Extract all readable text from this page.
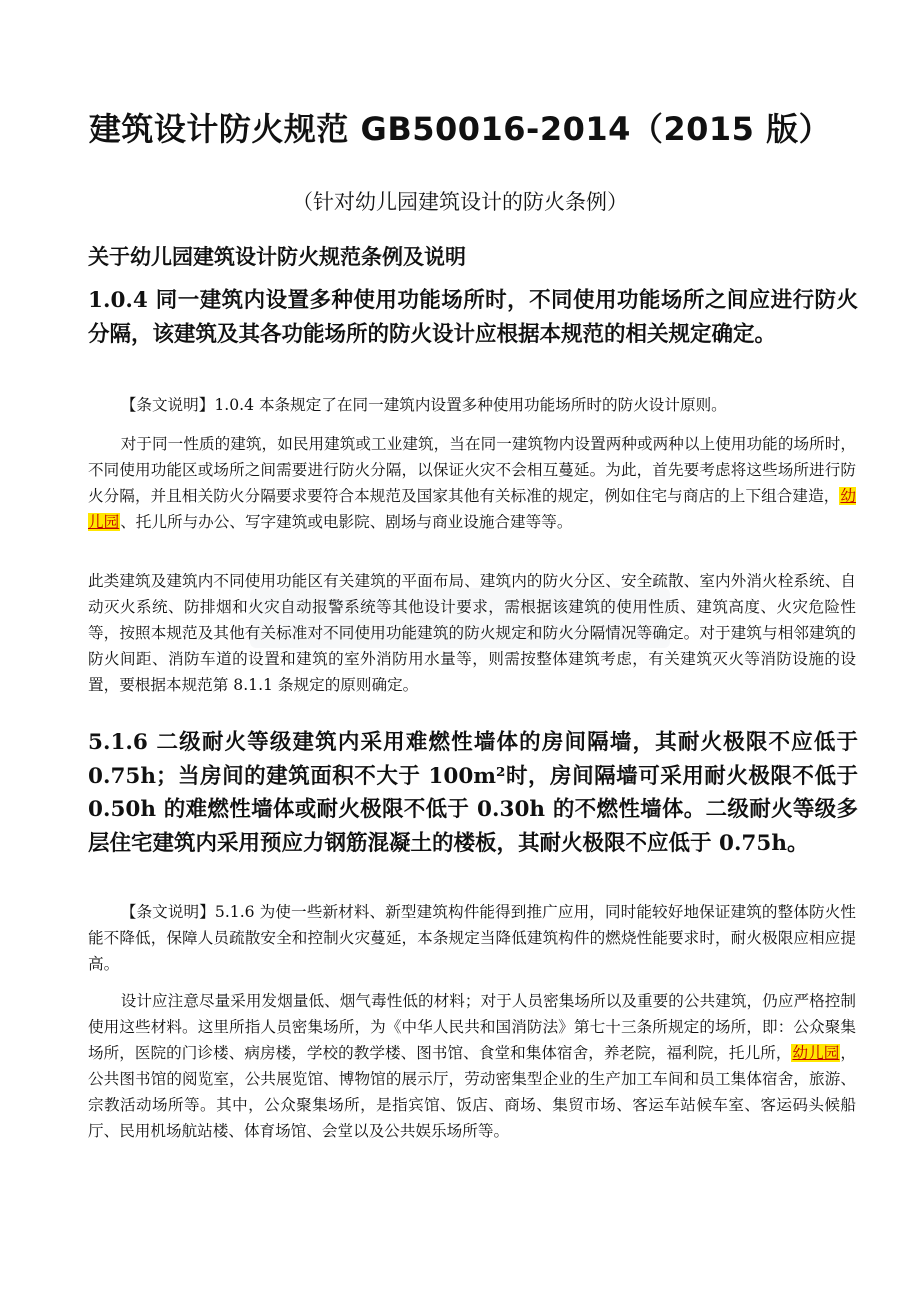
建筑设计防火规范 GB50016-2014（2015 版）
（针对幼儿园建筑设计的防火条例）
关于幼儿园建筑设计防火规范条例及说明
1.0.4 同一建筑内设置多种使用功能场所时，不同使用功能场所之间应进行防火分隔，该建筑及其各功能场所的防火设计应根据本规范的相关规定确定。
【条文说明】1.0.4 本条规定了在同一建筑内设置多种使用功能场所时的防火设计原则。
对于同一性质的建筑，如民用建筑或工业建筑，当在同一建筑物内设置两种或两种以上使用功能的场所时，不同使用功能区或场所之间需要进行防火分隔，以保证火灾不会相互蔓延。为此，首先要考虑将这些场所进行防火分隔，并且相关防火分隔要求要符合本规范及国家其他有关标准的规定，例如住宅与商店的上下组合建造，幼儿园、托儿所与办公、写字建筑或电影院、剧场与商业设施合建等等。
此类建筑及建筑内不同使用功能区有关建筑的平面布局、建筑内的防火分区、安全疏散、室内外消火栓系统、自动灭火系统、防排烟和火灾自动报警系统等其他设计要求，需根据该建筑的使用性质、建筑高度、火灾危险性等，按照本规范及其他有关标准对不同使用功能建筑的防火规定和防火分隔情况等确定。对于建筑与相邻建筑的防火间距、消防车道的设置和建筑的室外消防用水量等，则需按整体建筑考虑，有关建筑灭火等消防设施的设置，要根据本规范第 8.1.1 条规定的原则确定。
5.1.6 二级耐火等级建筑内采用难燃性墙体的房间隔墙，其耐火极限不应低于 0.75h；当房间的建筑面积不大于 100m²时，房间隔墙可采用耐火极限不低于 0.50h 的难燃性墙体或耐火极限不低于 0.30h 的不燃性墙体。二级耐火等级多层住宅建筑内采用预应力钢筋混凝土的楼板，其耐火极限不应低于 0.75h。
【条文说明】5.1.6 为使一些新材料、新型建筑构件能得到推广应用，同时能较好地保证建筑的整体防火性能不降低，保障人员疏散安全和控制火灾蔓延，本条规定当降低建筑构件的燃烧性能要求时，耐火极限应相应提高。
设计应注意尽量采用发烟量低、烟气毒性低的材料；对于人员密集场所以及重要的公共建筑，仍应严格控制使用这些材料。这里所指人员密集场所，为《中华人民共和国消防法》第七十三条所规定的场所，即：公众聚集场所，医院的门诊楼、病房楼，学校的教学楼、图书馆、食堂和集体宿舍，养老院，福利院，托儿所，幼儿园，公共图书馆的阅览室，公共展览馆、博物馆的展示厅，劳动密集型企业的生产加工车间和员工集体宿舍，旅游、宗教活动场所等。其中，公众聚集场所，是指宾馆、饭店、商场、集贸市场、客运车站候车室、客运码头候船厅、民用机场航站楼、体育场馆、会堂以及公共娱乐场所等。
